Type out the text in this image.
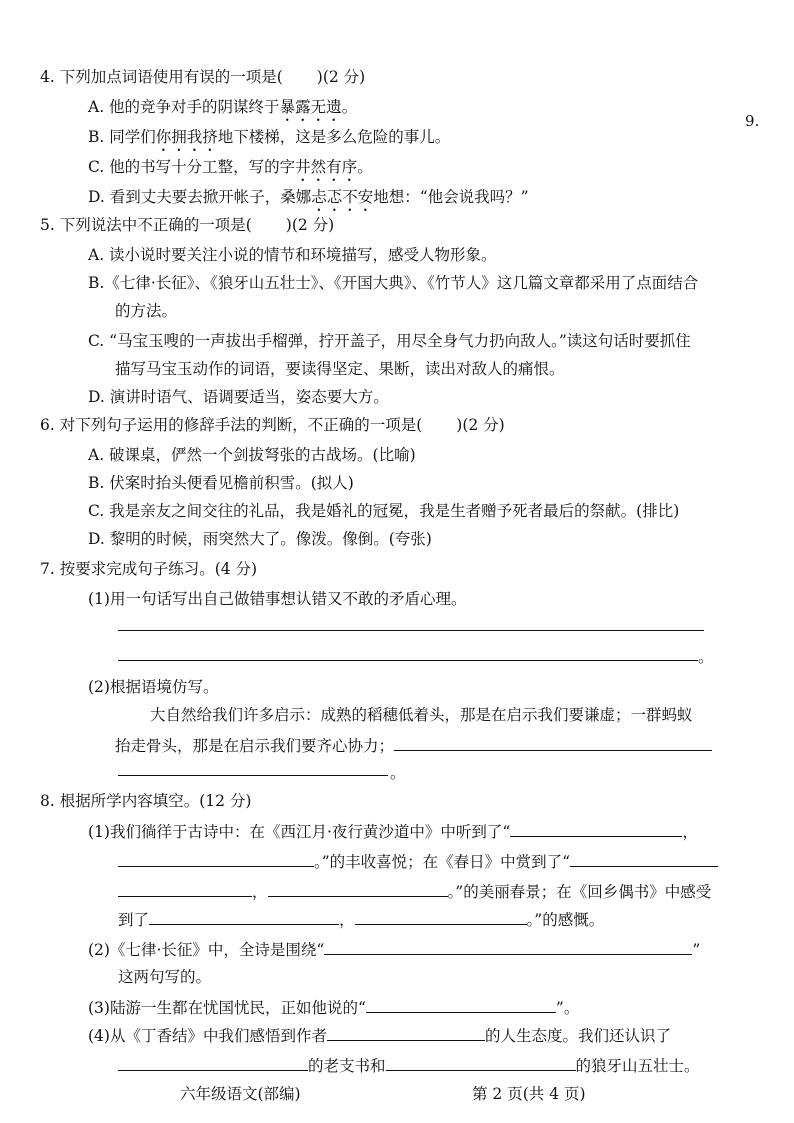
9.
4. 下列加点词语使用有误的一项是( )(2 分)
A. 他的竞争对手的阴谋终于暴露无遗。
B. 同学们你拥我挤地下楼梯，这是多么危险的事儿。
C. 他的书写十分工整，写的字井然有序。
D. 看到丈夫要去掀开帐子，桑娜忐忑不安地想：“他会说我吗？”
5. 下列说法中不正确的一项是( )(2 分)
A. 读小说时要关注小说的情节和环境描写，感受人物形象。
B.《七律·长征》、《狼牙山五壮士》、《开国大典》、《竹节人》这几篇文章都采用了点面结合
的方法。
C. “马宝玉嗖的一声拔出手榴弹，拧开盖子，用尽全身气力扔向敌人。”读这句话时要抓住
描写马宝玉动作的词语，要读得坚定、果断，读出对敌人的痛恨。
D. 演讲时语气、语调要适当，姿态要大方。
6. 对下列句子运用的修辞手法的判断，不正确的一项是( )(2 分)
A. 破课桌，俨然一个剑拔弩张的古战场。(比喻)
B. 伏案时抬头便看见檐前积雪。(拟人)
C. 我是亲友之间交往的礼品，我是婚礼的冠冕，我是生者赠予死者最后的祭献。(排比)
D. 黎明的时候，雨突然大了。像泼。像倒。(夸张)
7. 按要求完成句子练习。(4 分)
(1)用一句话写出自己做错事想认错又不敢的矛盾心理。
。
(2)根据语境仿写。
大自然给我们许多启示：成熟的稻穗低着头，那是在启示我们要谦虚；一群蚂蚁
抬走骨头，那是在启示我们要齐心协力；
。
8. 根据所学内容填空。(12 分)
(1)我们徜徉于古诗中：在《西江月·夜行黄沙道中》中听到了“	，
。”的丰收喜悦；在《春日》中赏到了“
，	。”的美丽春景；在《回乡偶书》中感受
到了	，	。”的感慨。
(2)《七律·长征》中，全诗是围绕“	”
这两句写的。
(3)陆游一生都在忧国忧民，正如他说的“	”。
(4)从《丁香结》中我们感悟到作者	的人生态度。我们还认识了
的老支书和	的狼牙山五壮士。
六年级语文(部编)	第 2 页(共 4 页)
